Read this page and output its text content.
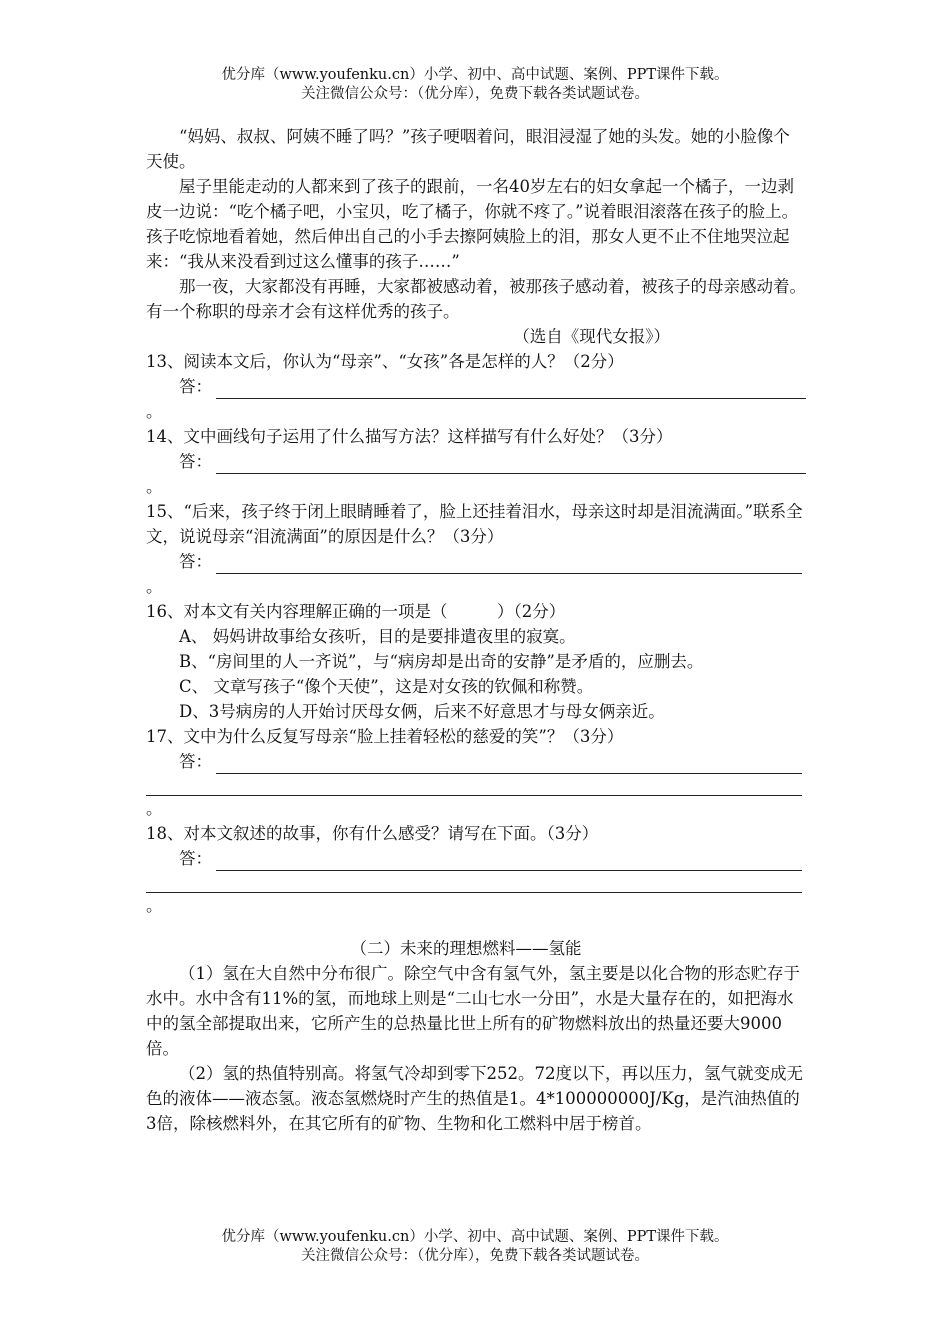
优分库（www.youfenku.cn）小学、初中、高中试题、案例、PPT课件下载。
关注微信公众号：（优分库），免费下载各类试题试卷。

“妈妈、叔叔、阿姨不睡了吗？”孩子哽咽着问，眼泪浸湿了她的头发。她的小脸像个天使。

屋子里能走动的人都来到了孩子的跟前，一名40岁左右的妇女拿起一个橘子，一边剥皮一边说：“吃个橘子吧，小宝贝，吃了橘子，你就不疼了。”说着眼泪滚落在孩子的脸上。孩子吃惊地看着她，然后伸出自己的小手去擦阿姨脸上的泪，那女人更不止不住地哭泣起来：“我从来没看到过这么懂事的孩子……”

那一夜，大家都没有再睡，大家都被感动着，被那孩子感动着，被孩子的母亲感动着。有一个称职的母亲才会有这样优秀的孩子。

（选自《现代女报》）

13、阅读本文后，你认为“母亲”、“女孩”各是怎样的人？（2分）

答：
。

14、文中画线句子运用了什么描写方法？这样描写有什么好处？（3分）

答：
。

15、“后来，孩子终于闭上眼睛睡着了，脸上还挂着泪水，母亲这时却是泪流满面。”联系全文，说说母亲“泪流满面”的原因是什么？（3分）

答：
。

16、对本文有关内容理解正确的一项是（　　　）（2分）

A、 妈妈讲故事给女孩听，目的是要排遣夜里的寂寞。

B、“房间里的人一齐说”，与“病房却是出奇的安静”是矛盾的，应删去。

C、 文章写孩子“像个天使”，这是对女孩的钦佩和称赞。

D、3号病房的人开始讨厌母女俩，后来不好意思才与母女俩亲近。

17、文中为什么反复写母亲“脸上挂着轻松的慈爱的笑”？（3分）

答：
。

18、对本文叙述的故事，你有什么感受？请写在下面。（3分）

答：
。

（二）未来的理想燃料——氢能

（1）氢在大自然中分布很广。除空气中含有氢气外，氢主要是以化合物的形态贮存于水中。水中含有11%的氢，而地球上则是“二山七水一分田”，水是大量存在的，如把海水中的氢全部提取出来，它所产生的总热量比世上所有的矿物燃料放出的热量还要大9000倍。

（2）氢的热值特别高。将氢气冷却到零下252。72度以下，再以压力，氢气就变成无色的液体——液态氢。液态氢燃烧时产生的热值是1。4*100000000J/Kg，是汽油热值的3倍，除核燃料外，在其它所有的矿物、生物和化工燃料中居于榜首。

优分库（www.youfenku.cn）小学、初中、高中试题、案例、PPT课件下载。
关注微信公众号：（优分库），免费下载各类试题试卷。
